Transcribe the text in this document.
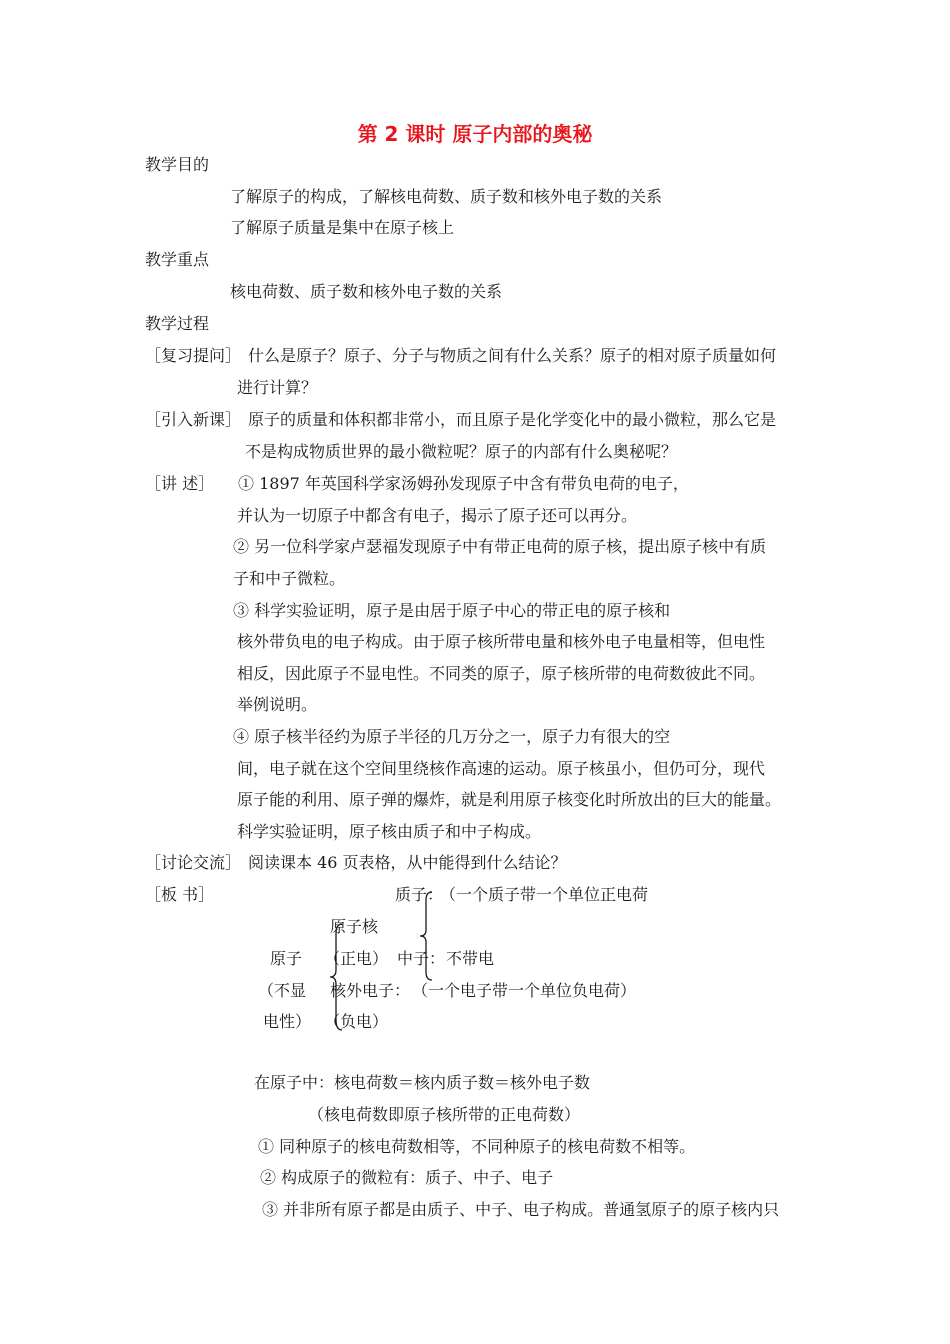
第 2 课时 原子内部的奥秘
教学目的
了解原子的构成，了解核电荷数、质子数和核外电子数的关系
了解原子质量是集中在原子核上
教学重点
核电荷数、质子数和核外电子数的关系
教学过程
［复习提问］ 什么是原子？原子、分子与物质之间有什么关系？原子的相对原子质量如何
进行计算？
［引入新课］ 原子的质量和体积都非常小，而且原子是化学变化中的最小微粒，那么它是
不是构成物质世界的最小微粒呢？原子的内部有什么奥秘呢？
［讲 述］ ① 1897 年英国科学家汤姆孙发现原子中含有带负电荷的电子，
并认为一切原子中都含有电子，揭示了原子还可以再分。
② 另一位科学家卢瑟福发现原子中有带正电荷的原子核，提出原子核中有质
子和中子微粒。
③ 科学实验证明，原子是由居于原子中心的带正电的原子核和
核外带负电的电子构成。由于原子核所带电量和核外电子电量相等，但电性
相反，因此原子不显电性。不同类的原子，原子核所带的电荷数彼此不同。
举例说明。
④ 原子核半径约为原子半径的几万分之一，原子力有很大的空
间，电子就在这个空间里绕核作高速的运动。原子核虽小，但仍可分，现代
原子能的利用、原子弹的爆炸，就是利用原子核变化时所放出的巨大的能量。
科学实验证明，原子核由质子和中子构成。
［讨论交流］ 阅读课本 46 页表格，从中能得到什么结论？
［板 书］	质子：
（一个质子带一个单位正电荷
原子核
原子 （正电） 中子： 不带电
（不显 核外电子： （一个电子带一个单位负电荷）
电性） （负电）
在原子中：核电荷数＝核内质子数＝核外电子数
（核电荷数即原子核所带的正电荷数）
① 同种原子的核电荷数相等，不同种原子的核电荷数不相等。
② 构成原子的微粒有：质子、中子、电子
③ 并非所有原子都是由质子、中子、电子构成。普通氢原子的原子核内只
